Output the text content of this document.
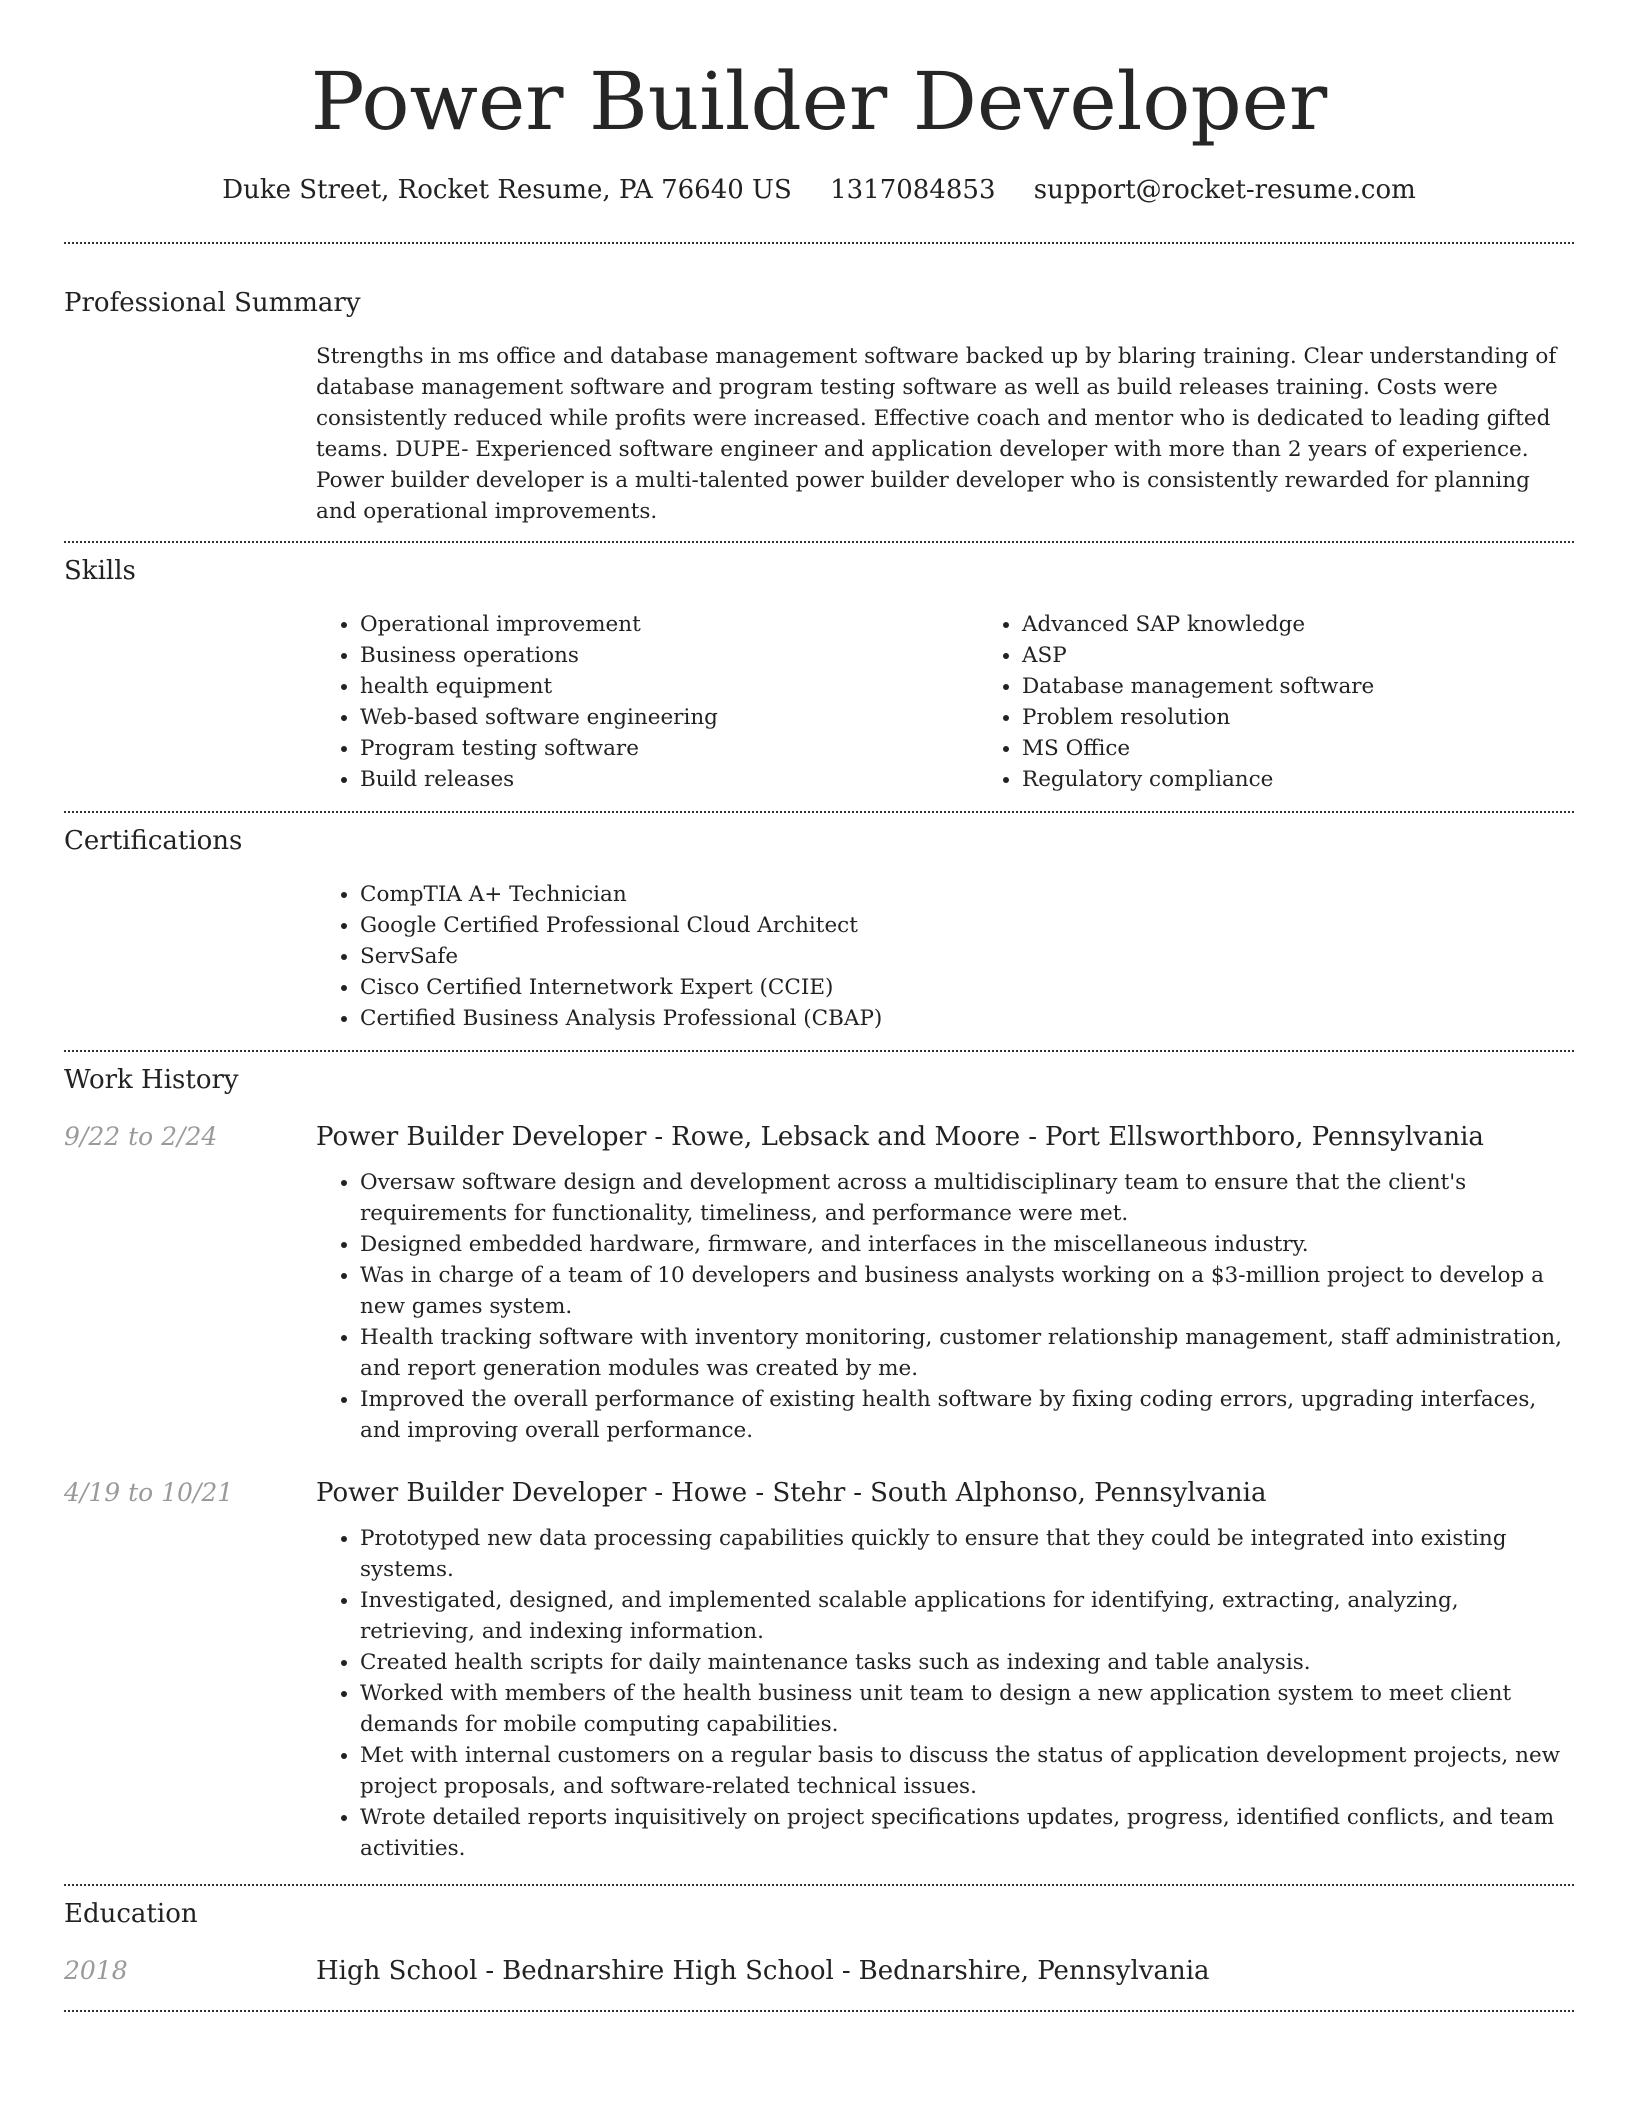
Power Builder Developer
Duke Street, Rocket Resume, PA 76640 US 1317084853 support@rocket-resume.com
Professional Summary

Strengths in ms office and database management software backed up by blaring training. Clear understanding of database management software and program testing software as well as build releases training. Costs were consistently reduced while profits were increased. Effective coach and mentor who is dedicated to leading gifted teams. DUPE- Experienced software engineer and application developer with more than 2 years of experience. Power builder developer is a multi-talented power builder developer who is consistently rewarded for planning and operational improvements.

Skills
• Operational improvement
• Business operations
• health equipment
• Web-based software engineering
• Program testing software
• Build releases
• Advanced SAP knowledge
• ASP
• Database management software
• Problem resolution
• MS Office
• Regulatory compliance
Certifications
• CompTIA A+ Technician
• Google Certified Professional Cloud Architect
• ServSafe
• Cisco Certified Internetwork Expert (CCIE)
• Certified Business Analysis Professional (CBAP)
Work History
9/22 to 2/24	Power Builder Developer - Rowe, Lebsack and Moore - Port Ellsworthboro, Pennsylvania
• Oversaw software design and development across a multidisciplinary team to ensure that the client's requirements for functionality, timeliness, and performance were met.
• Designed embedded hardware, firmware, and interfaces in the miscellaneous industry.
• Was in charge of a team of 10 developers and business analysts working on a $3-million project to develop a new games system.
• Health tracking software with inventory monitoring, customer relationship management, staff administration, and report generation modules was created by me.
• Improved the overall performance of existing health software by fixing coding errors, upgrading interfaces, and improving overall performance.
4/19 to 10/21	Power Builder Developer - Howe - Stehr - South Alphonso, Pennsylvania
• Prototyped new data processing capabilities quickly to ensure that they could be integrated into existing systems.
• Investigated, designed, and implemented scalable applications for identifying, extracting, analyzing, retrieving, and indexing information.
• Created health scripts for daily maintenance tasks such as indexing and table analysis.
• Worked with members of the health business unit team to design a new application system to meet client demands for mobile computing capabilities.
• Met with internal customers on a regular basis to discuss the status of application development projects, new project proposals, and software-related technical issues.
• Wrote detailed reports inquisitively on project specifications updates, progress, identified conflicts, and team activities.
Education
2018	High School - Bednarshire High School - Bednarshire, Pennsylvania
